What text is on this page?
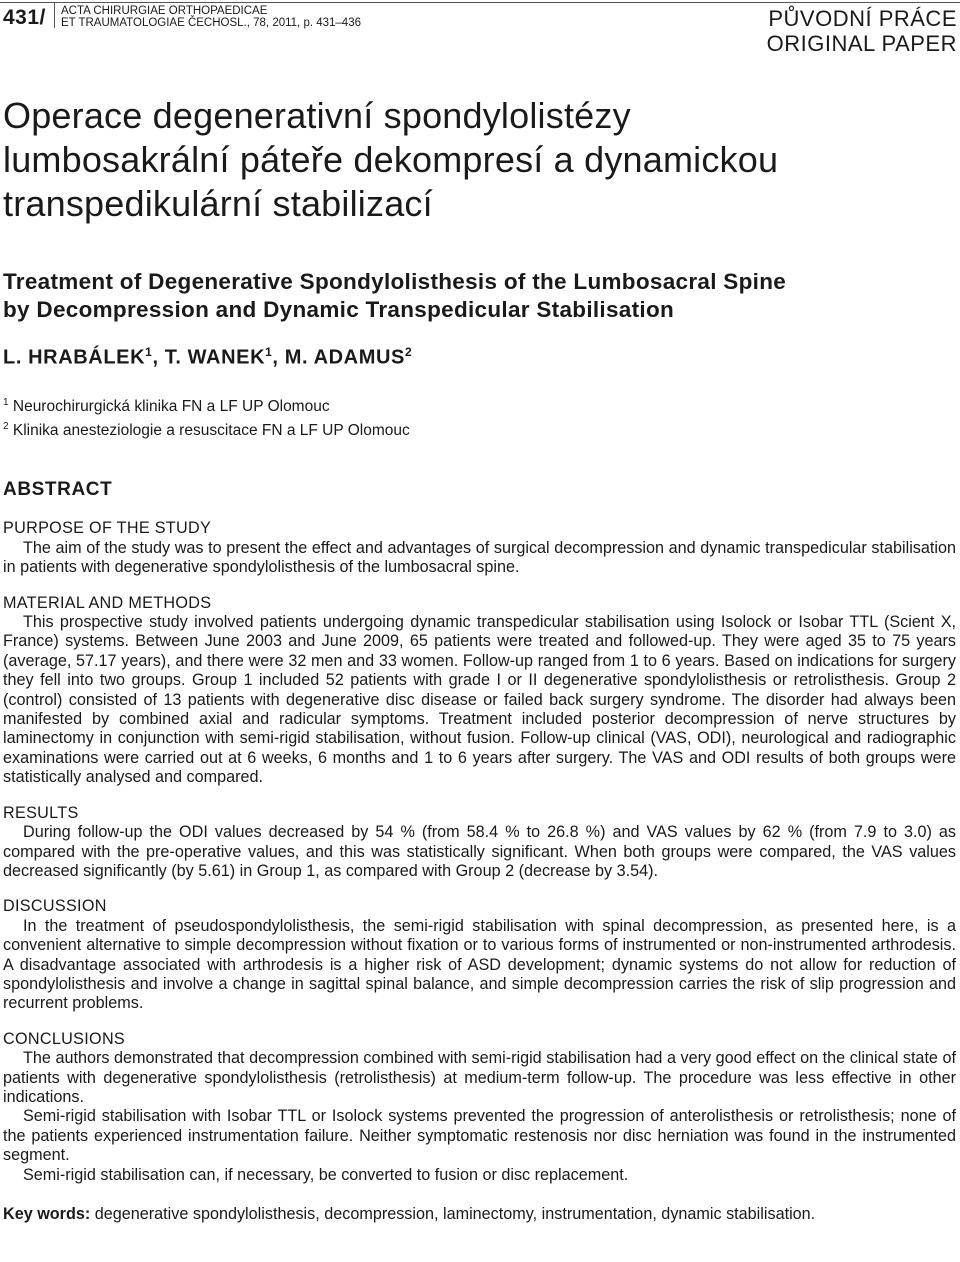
431/ ACTA CHIRURGIAE ORTHOPAEDICAE
ET TRAUMATOLOGIAE ČECHOSL., 78, 2011, p. 431–436	PŮVODNÍ PRÁCE
ORIGINAL PAPER
Operace degenerativní spondylolistézy
lumbosakrální páteře dekompresí a dynamickou
transpedikulární stabilizací
Treatment of Degenerative Spondylolisthesis of the Lumbosacral Spine
by Decompression and Dynamic Transpedicular Stabilisation
L. HRABÁLEK$^1$, T. WANEK$^1$, M. ADAMUS$^2$
$^1$ Neurochirurgická klinika FN a LF UP Olomouc
$^2$ Klinika anesteziologie a resuscitace FN a LF UP Olomouc
ABSTRACT
PURPOSE OF THE STUDY

The aim of the study was to present the effect and advantages of surgical decompression and dynamic transpedicular stabilisation in patients with degenerative spondylolisthesis of the lumbosacral spine.

MATERIAL AND METHODS

This prospective study involved patients undergoing dynamic transpedicular stabilisation using Isolock or Isobar TTL (Scient X, France) systems. Between June 2003 and June 2009, 65 patients were treated and followed-up. They were aged 35 to 75 years (average, 57.17 years), and there were 32 men and 33 women. Follow-up ranged from 1 to 6 years. Based on indications for surgery they fell into two groups. Group 1 included 52 patients with grade I or II degenerative spondylolisthesis or retrolisthesis. Group 2 (control) consisted of 13 patients with degenerative disc disease or failed back surgery syndrome. The disorder had always been manifested by combined axial and radicular symptoms. Treatment included posterior decompression of nerve structures by laminectomy in conjunction with semi-rigid stabilisation, without fusion. Follow-up clinical (VAS, ODI), neurological and radiographic examinations were carried out at 6 weeks, 6 months and 1 to 6 years after surgery. The VAS and ODI results of both groups were statistically analysed and compared.

RESULTS

During follow-up the ODI values decreased by 54 % (from 58.4 % to 26.8 %) and VAS values by 62 % (from 7.9 to 3.0) as compared with the pre-operative values, and this was statistically significant. When both groups were compared, the VAS values decreased significantly (by 5.61) in Group 1, as compared with Group 2 (decrease by 3.54).

DISCUSSION

In the treatment of pseudospondylolisthesis, the semi-rigid stabilisation with spinal decompression, as presented here, is a convenient alternative to simple decompression without fixation or to various forms of instrumented or non-instrumented arthrodesis. A disadvantage associated with arthrodesis is a higher risk of ASD development; dynamic systems do not allow for reduction of spondylolisthesis and involve a change in sagittal spinal balance, and simple decompression carries the risk of slip progression and recurrent problems.

CONCLUSIONS

The authors demonstrated that decompression combined with semi-rigid stabilisation had a very good effect on the clinical state of patients with degenerative spondylolisthesis (retrolisthesis) at medium-term follow-up. The procedure was less effective in other indications.

Semi-rigid stabilisation with Isobar TTL or Isolock systems prevented the progression of anterolisthesis or retrolisthesis; none of the patients experienced instrumentation failure. Neither symptomatic restenosis nor disc herniation was found in the instrumented segment.

Semi-rigid stabilisation can, if necessary, be converted to fusion or disc replacement.

Key words: degenerative spondylolisthesis, decompression, laminectomy, instrumentation, dynamic stabilisation.
